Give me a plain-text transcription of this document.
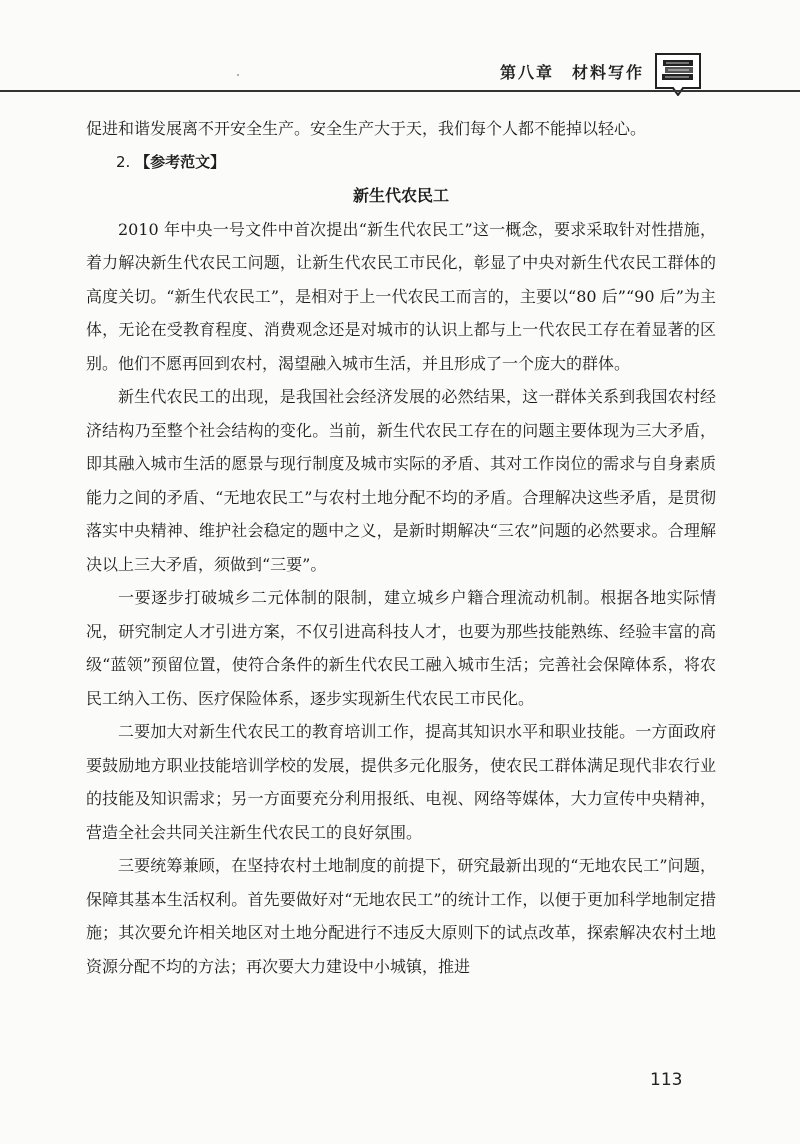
第八章　材料写作

促进和谐发展离不开安全生产。安全生产大于天，我们每个人都不能掉以轻心。

2. 【参考范文】

新生代农民工

2010 年中央一号文件中首次提出“新生代农民工”这一概念，要求采取针对性措施，着力解决新生代农民工问题，让新生代农民工市民化，彰显了中央对新生代农民工群体的高度关切。“新生代农民工”，是相对于上一代农民工而言的，主要以“80 后”“90 后”为主体，无论在受教育程度、消费观念还是对城市的认识上都与上一代农民工存在着显著的区别。他们不愿再回到农村，渴望融入城市生活，并且形成了一个庞大的群体。

新生代农民工的出现，是我国社会经济发展的必然结果，这一群体关系到我国农村经济结构乃至整个社会结构的变化。当前，新生代农民工存在的问题主要体现为三大矛盾，即其融入城市生活的愿景与现行制度及城市实际的矛盾、其对工作岗位的需求与自身素质能力之间的矛盾、“无地农民工”与农村土地分配不均的矛盾。合理解决这些矛盾，是贯彻落实中央精神、维护社会稳定的题中之义，是新时期解决“三农”问题的必然要求。合理解决以上三大矛盾，须做到“三要”。

一要逐步打破城乡二元体制的限制，建立城乡户籍合理流动机制。根据各地实际情况，研究制定人才引进方案，不仅引进高科技人才，也要为那些技能熟练、经验丰富的高级“蓝领”预留位置，使符合条件的新生代农民工融入城市生活；完善社会保障体系，将农民工纳入工伤、医疗保险体系，逐步实现新生代农民工市民化。

二要加大对新生代农民工的教育培训工作，提高其知识水平和职业技能。一方面政府要鼓励地方职业技能培训学校的发展，提供多元化服务，使农民工群体满足现代非农行业的技能及知识需求；另一方面要充分利用报纸、电视、网络等媒体，大力宣传中央精神，营造全社会共同关注新生代农民工的良好氛围。

三要统筹兼顾，在坚持农村土地制度的前提下，研究最新出现的“无地农民工”问题，保障其基本生活权利。首先要做好对“无地农民工”的统计工作，以便于更加科学地制定措施；其次要允许相关地区对土地分配进行不违反大原则下的试点改革，探索解决农村土地资源分配不均的方法；再次要大力建设中小城镇，推进

113
